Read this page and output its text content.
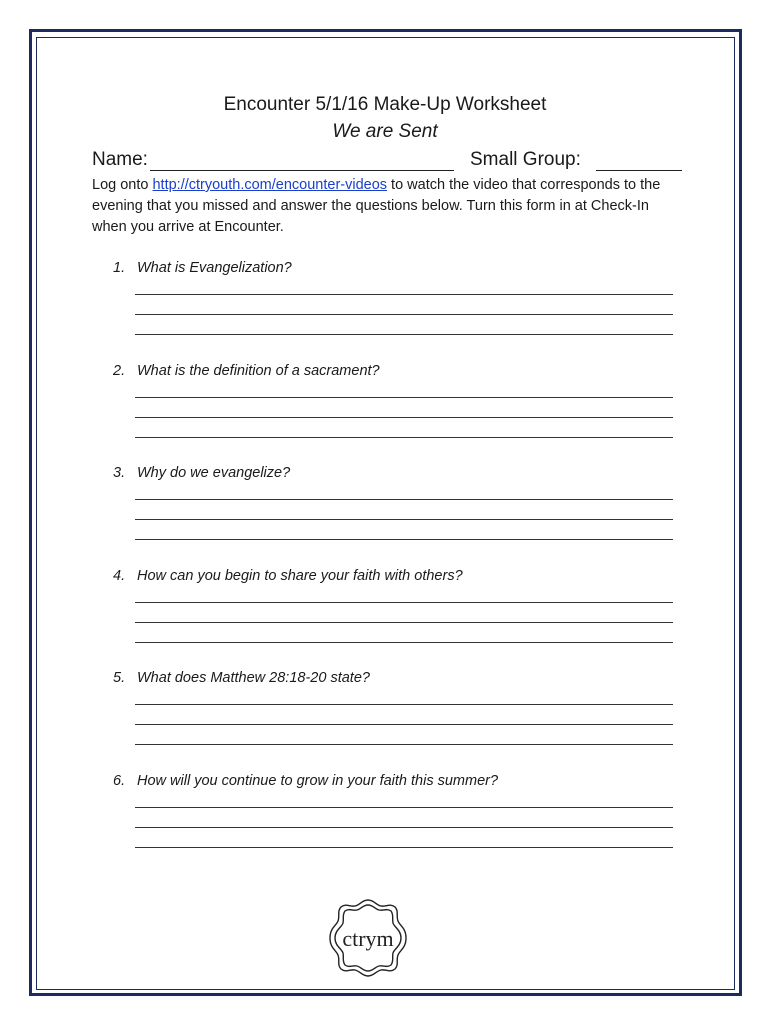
Encounter 5/1/16 Make-Up Worksheet
We are Sent
Name:	Small Group:
Log onto http://ctryouth.com/encounter-videos to watch the video that corresponds to the evening that you missed and answer the questions below. Turn this form in at Check-In when you arrive at Encounter.
1. What is Evangelization?
2. What is the definition of a sacrament?
3. Why do we evangelize?
4. How can you begin to share your faith with others?
5. What does Matthew 28:18-20 state?
6. How will you continue to grow in your faith this summer?
ctrym
